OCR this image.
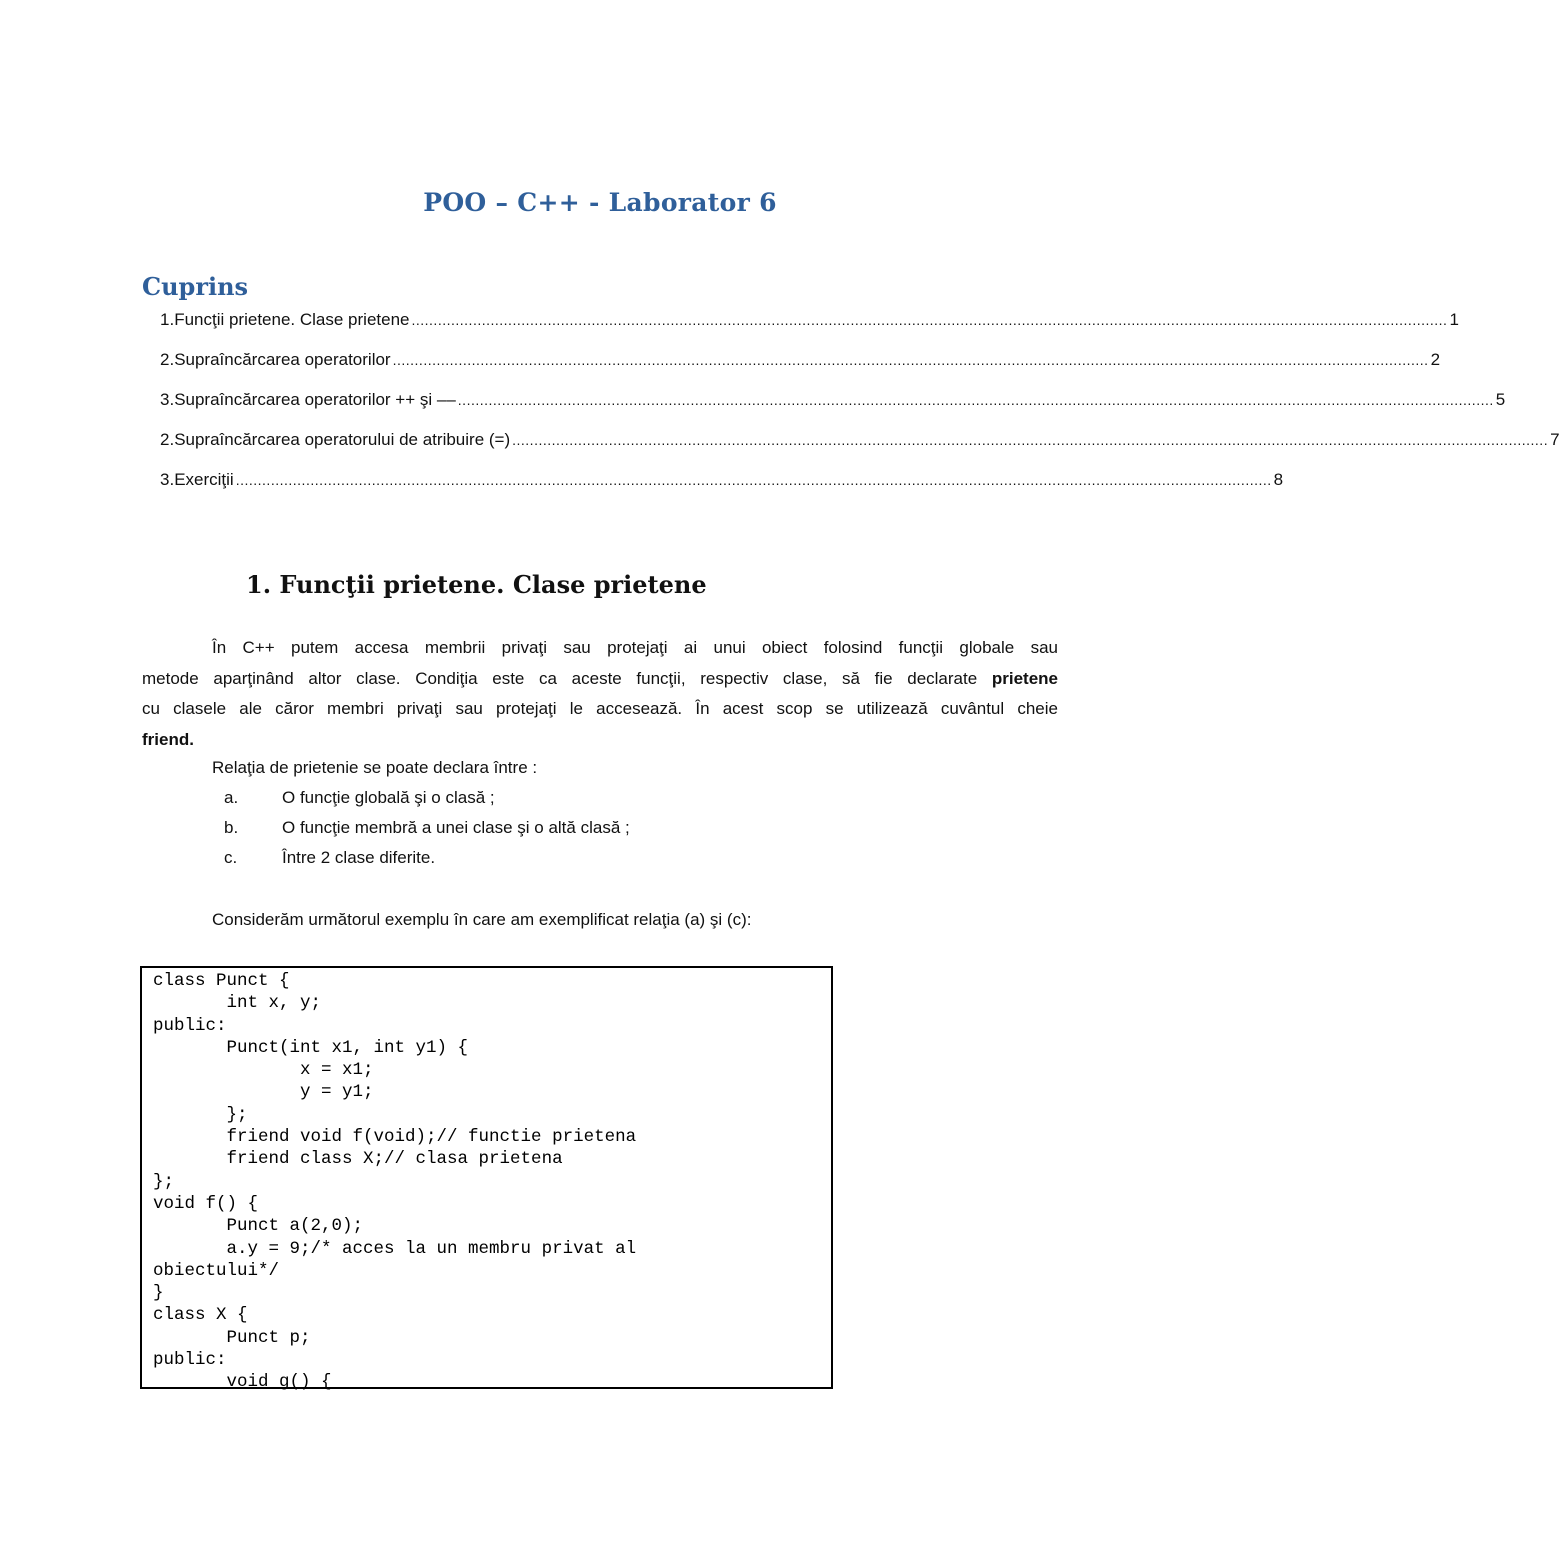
POO – C++ - Laborator 6
Cuprins
1. Funcţii prietene. Clase prietene ............................................................................................................................................................................................................................................ 1
2. Supraîncărcarea operatorilor ............................................................................................................................................................................................................................................ 2
3. Supraîncărcarea operatorilor ++ şi –– ............................................................................................................................................................................................................................................ 5
2. Supraîncărcarea operatorului de atribuire (=) ............................................................................................................................................................................................................................................ 7
3. Exerciţii ............................................................................................................................................................................................................................................ 8
1. Funcţii prietene. Clase prietene
În C++ putem accesa membrii privaţi sau protejaţi ai unui obiect folosind funcţii globale sau
metode aparţinând altor clase. Condiţia este ca aceste funcţii, respectiv clase, să fie declarate prietene
cu clasele ale căror membri privaţi sau protejaţi le accesează. În acest scop se utilizează cuvântul cheie
friend.
Relaţia de prietenie se poate declara între :
a.	O funcţie globală şi o clasă ;
b.	O funcţie membră a unei clase şi o altă clasă ;
c.	Între 2 clase diferite.
Considerăm următorul exemplu în care am exemplificat relaţia (a) şi (c):
class Punct {
int x, y;
public:
Punct(int x1, int y1) {
x = x1;
y = y1;
};
friend void f(void);// functie prietena
friend class X;// clasa prietena
};
void f() {
Punct a(2,0);
a.y = 9;/* acces la un membru privat al
obiectului*/
}
class X {
Punct p;
public:
void g() {
